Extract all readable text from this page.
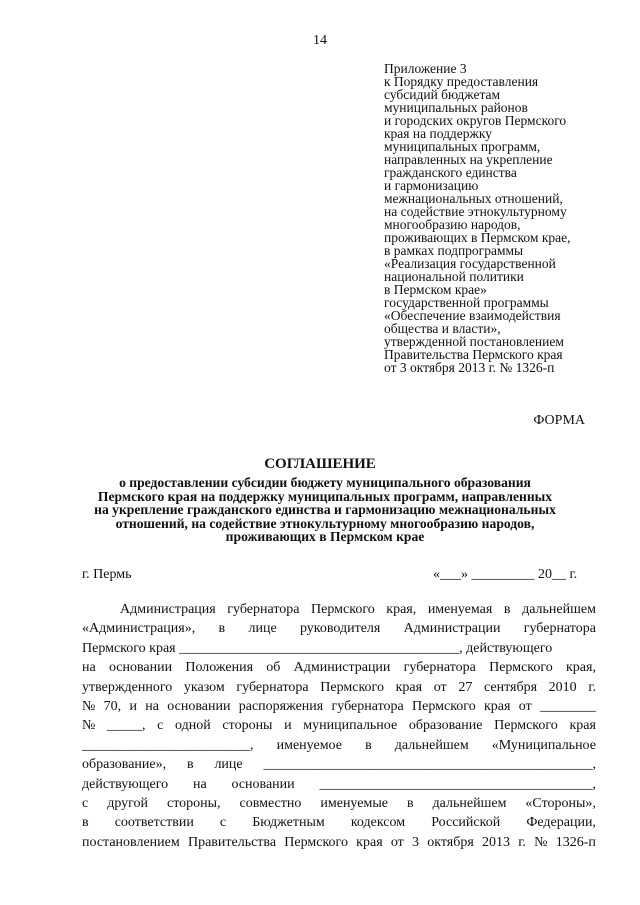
14
Приложение 3
к Порядку предоставления
субсидий бюджетам
муниципальных районов
и городских округов Пермского
края на поддержку
муниципальных программ,
направленных на укрепление
гражданского единства
и гармонизацию
межнациональных отношений,
на содействие этнокультурному
многообразию народов,
проживающих в Пермском крае,
в рамках подпрограммы
«Реализация государственной
национальной политики
в Пермском крае»
государственной программы
«Обеспечение взаимодействия
общества и власти»,
утвержденной постановлением
Правительства Пермского края
от 3 октября 2013 г. № 1326-п
ФОРМА
СОГЛАШЕНИЕ
о предоставлении субсидии бюджету муниципального образования
Пермского края на поддержку муниципальных программ, направленных
на укрепление гражданского единства и гармонизацию межнациональных
отношений, на содействие этнокультурному многообразию народов,
проживающих в Пермском крае
г. Пермь	«___» _________ 20__ г.
Администрация губернатора Пермского края, именуемая в дальнейшем
«Администрация», в лице руководителя Администрации губернатора
Пермского края ________________________________________, действующего
на основании Положения об Администрации губернатора Пермского края,
утвержденного указом губернатора Пермского края от 27 сентября 2010 г.
№ 70, и на основании распоряжения губернатора Пермского края от ________
№ _____, с одной стороны и муниципальное образование Пермского края
________________________, именуемое в дальнейшем «Муниципальное
образование», в лице _______________________________________________,
действующего на основании _______________________________________,
с другой стороны, совместно именуемые в дальнейшем «Стороны»,
в соответствии с Бюджетным кодексом Российской Федерации,
постановлением Правительства Пермского края от 3 октября 2013 г. № 1326-п
